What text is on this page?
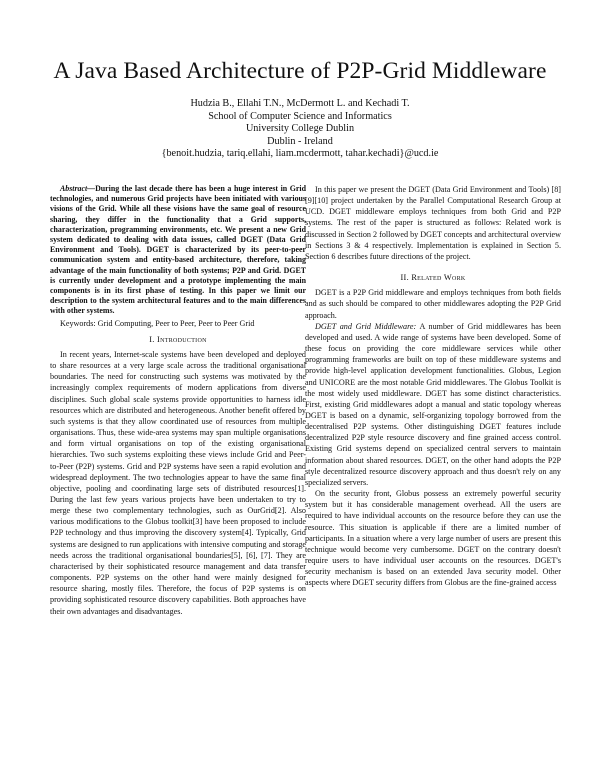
A Java Based Architecture of P2P-Grid Middleware
Hudzia B., Ellahi T.N., McDermott L. and Kechadi T.
School of Computer Science and Informatics
University College Dublin
Dublin - Ireland
{benoit.hudzia, tariq.ellahi, liam.mcdermott, tahar.kechadi}@ucd.ie

Abstract—During the last decade there has been a huge interest in Grid technologies, and numerous Grid projects have been initiated with various visions of the Grid. While all these visions have the same goal of resource sharing, they differ in the functionality that a Grid supports, characterization, programming environments, etc. We present a new Grid system dedicated to dealing with data issues, called DGET (Data Grid Environment and Tools). DGET is characterized by its peer-to-peer communication system and entity-based architecture, therefore, taking advantage of the main functionality of both systems; P2P and Grid. DGET is currently under development and a prototype implementing the main components is in its first phase of testing. In this paper we limit our description to the system architectural features and to the main differences with other systems.

Keywords: Grid Computing, Peer to Peer, Peer to Peer Grid

I. Introduction

In recent years, Internet-scale systems have been developed and deployed to share resources at a very large scale across the traditional organisational boundaries. The need for constructing such systems was motivated by the increasingly complex requirements of modern applications from diverse disciplines. Such global scale systems provide opportunities to harness idle resources which are distributed and heterogeneous. Another benefit offered by such systems is that they allow coordinated use of resources from multiple organisations. Thus, these wide-area systems may span multiple organisations and form virtual organisations on top of the existing organisational hierarchies. Two such systems exploiting these views include Grid and Peer-to-Peer (P2P) systems. Grid and P2P systems have seen a rapid evolution and widespread deployment. The two technologies appear to have the same final objective, pooling and coordinating large sets of distributed resources[1]. During the last few years various projects have been undertaken to try to merge these two complementary technologies, such as OurGrid[2]. Also various modifications to the Globus toolkit[3] have been proposed to include P2P technology and thus improving the discovery system[4]. Typically, Grid systems are designed to run applications with intensive computing and storage needs across the traditional organisational boundaries[5], [6], [7]. They are characterised by their sophisticated resource management and data transfer components. P2P systems on the other hand were mainly designed for resource sharing, mostly files. Therefore, the focus of P2P systems is on providing sophisticated resource discovery capabilities. Both approaches have their own advantages and disadvantages.

In this paper we present the DGET (Data Grid Environment and Tools) [8][9][10] project undertaken by the Parallel Computational Research Group at UCD. DGET middleware employs techniques from both Grid and P2P systems. The rest of the paper is structured as follows: Related work is discussed in Section 2 followed by DGET concepts and architectural overview in Sections 3 & 4 respectively. Implementation is explained in Section 5. Section 6 describes future directions of the project.

II. Related Work

DGET is a P2P Grid middleware and employs techniques from both fields and as such should be compared to other middlewares adopting the P2P Grid approach.

DGET and Grid Middleware: A number of Grid middlewares has been developed and used. A wide range of systems have been developed. Some of these focus on providing the core middleware services while other programming frameworks are built on top of these middleware systems and provide high-level application development functionalities. Globus, Legion and UNICORE are the most notable Grid middlewares. The Globus Toolkit is the most widely used middleware. DGET has some distinct characteristics. First, existing Grid middlewares adopt a manual and static topology whereas DGET is based on a dynamic, self-organizing topology borrowed from the decentralised P2P systems. Other distinguishing DGET features include decentralized P2P style resource discovery and fine grained access control. Existing Grid systems depend on specialized central servers to maintain information about shared resources. DGET, on the other hand adopts the P2P style decentralized resource discovery approach and thus doesn't rely on any specialized servers.

On the security front, Globus possess an extremely powerful security system but it has considerable management overhead. All the users are required to have individual accounts on the resource before they can use the resource. This situation is applicable if there are a limited number of participants. In a situation where a very large number of users are present this technique would become very cumbersome. DGET on the contrary doesn't require users to have individual user accounts on the resources. DGET's security mechanism is based on an extended Java security model. Other aspects where DGET security differs from Globus are the fine-grained access
